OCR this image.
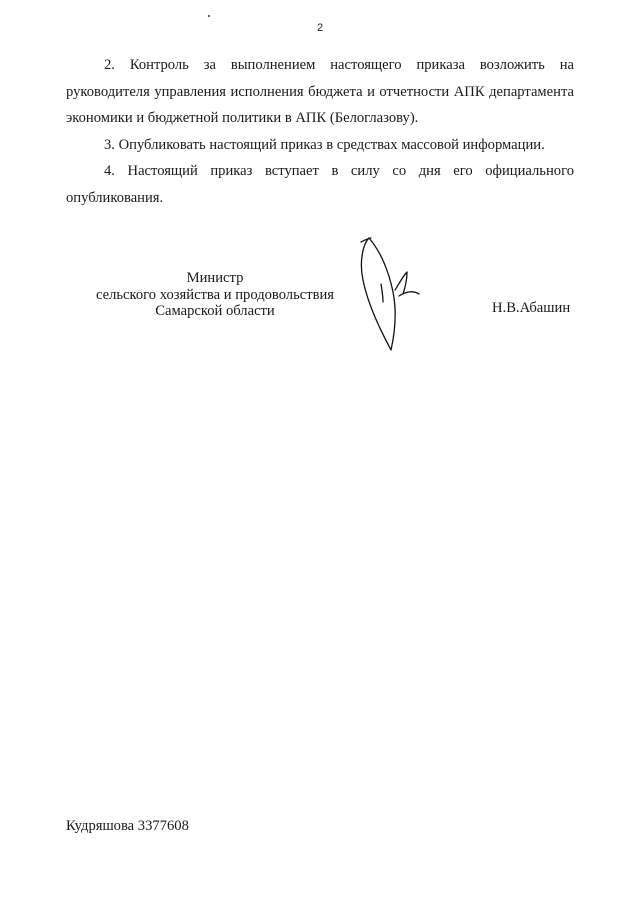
2

2. Контроль за выполнением настоящего приказа возложить на руководителя управления исполнения бюджета и отчетности АПК департамента экономики и бюджетной политики в АПК (Белоглазову).

3. Опубликовать настоящий приказ в средствах массовой информации.

4. Настоящий приказ вступает в силу со дня его официального опубликования.

Министр
сельского хозяйства и продовольствия
Самарской области	Н.В.Абашин
Кудряшова 3377608
